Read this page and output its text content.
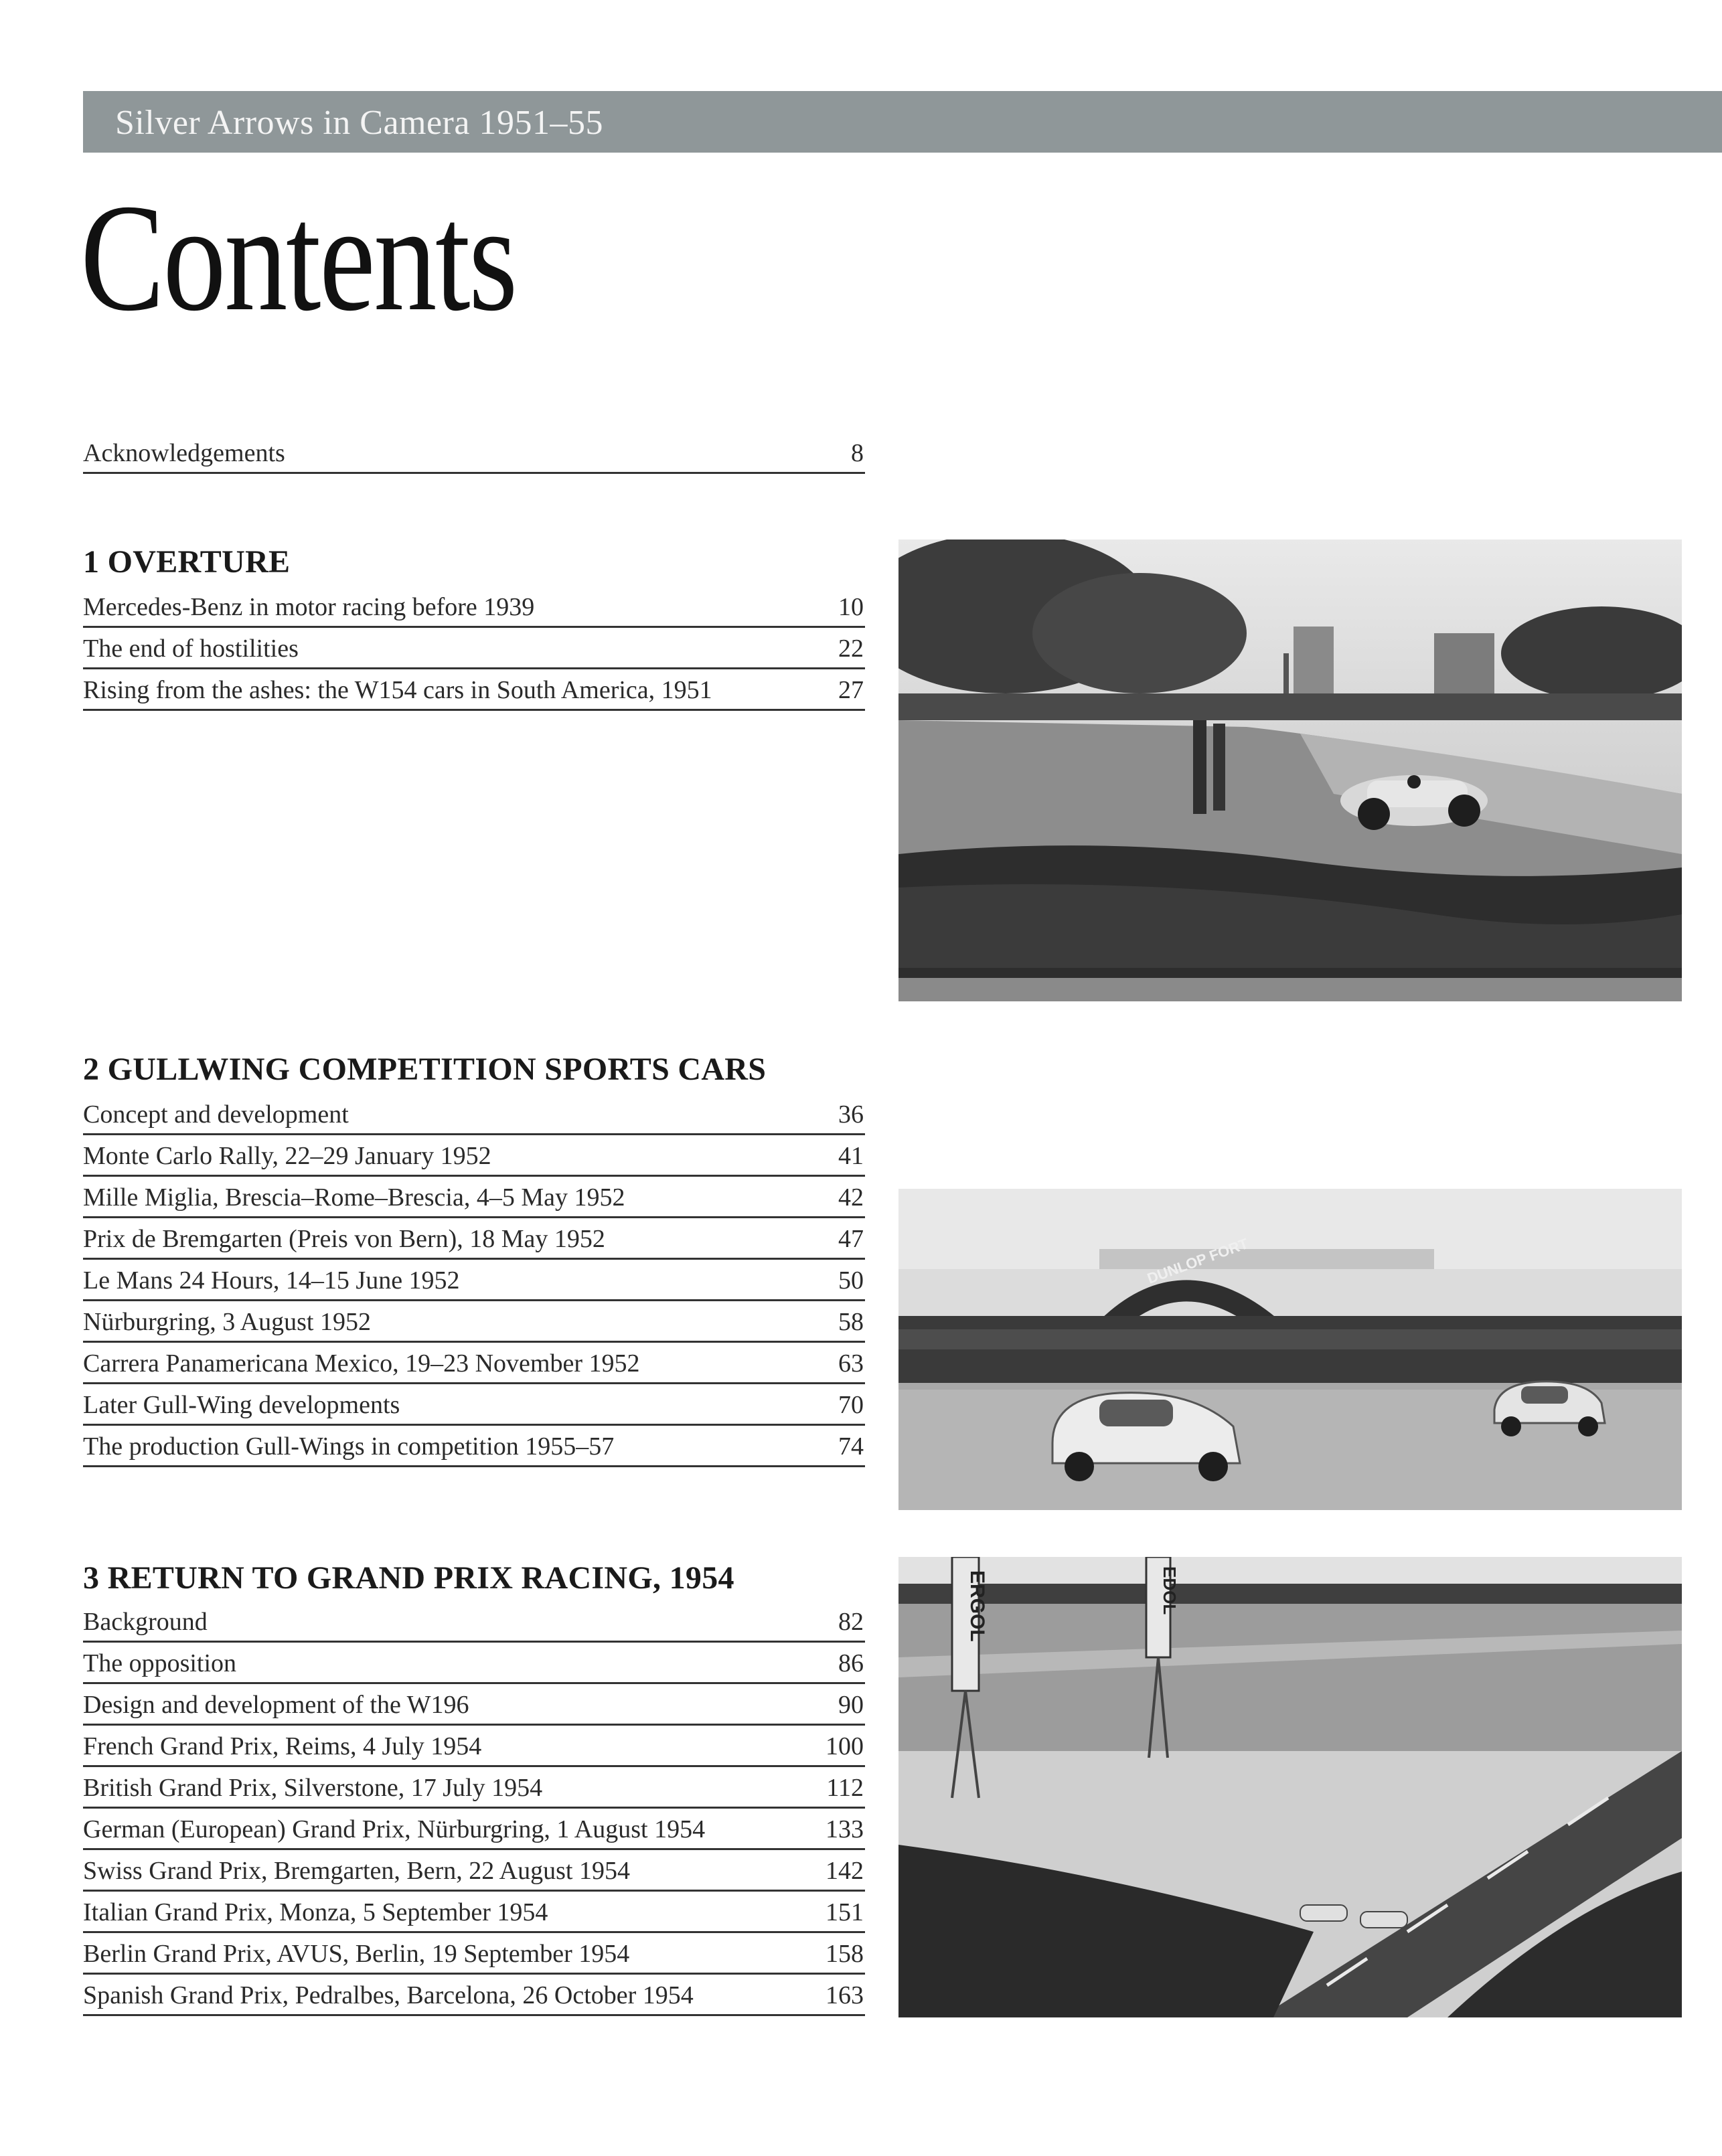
Silver Arrows in Camera 1951–55
Contents
Acknowledgements	8
1 OVERTURE
Mercedes-Benz in motor racing before 1939	10
The end of hostilities	22
Rising from the ashes: the W154 cars in South America, 1951	27
2 GULLWING COMPETITION SPORTS CARS
Concept and development	36
Monte Carlo Rally, 22–29 January 1952	41
Mille Miglia, Brescia–Rome–Brescia, 4–5 May 1952	42
Prix de Bremgarten (Preis von Bern), 18 May 1952	47
Le Mans 24 Hours, 14–15 June 1952	50
Nürburgring, 3 August 1952	58
Carrera Panamericana Mexico, 19–23 November 1952	63
Later Gull-Wing developments	70
The production Gull-Wings in competition 1955–57	74
3 RETURN TO GRAND PRIX RACING, 1954
Background	82
The opposition	86
Design and development of the W196	90
French Grand Prix, Reims, 4 July 1954	100
British Grand Prix, Silverstone, 17 July 1954	112
German (European) Grand Prix, Nürburgring, 1 August 1954	133
Swiss Grand Prix, Bremgarten, Bern, 22 August 1954	142
Italian Grand Prix, Monza, 5 September 1954	151
Berlin Grand Prix, AVUS, Berlin, 19 September 1954	158
Spanish Grand Prix, Pedralbes, Barcelona, 26 October 1954	163
DUNLOP FORT
ERGOL	EDOL
